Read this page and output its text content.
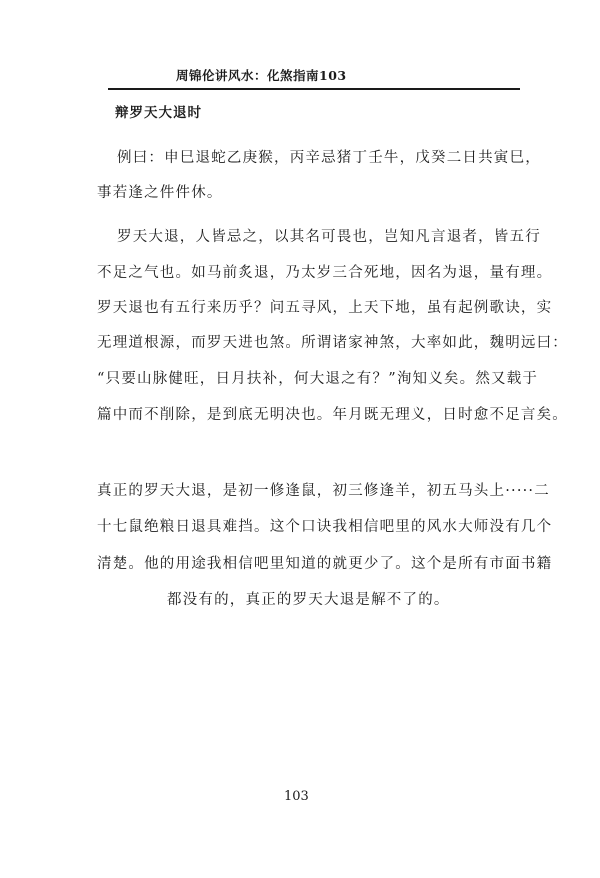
周锦伦讲风水：化煞指南103
辩罗天大退时
例曰：申巳退蛇乙庚猴，丙辛忌猪丁壬牛，戊癸二日共寅巳，
事若逢之件件休。
罗天大退，人皆忌之，以其名可畏也，岂知凡言退者，皆五行
不足之气也。如马前炙退，乃太岁三合死地，因名为退，量有理。
罗天退也有五行来历乎？问五寻风，上天下地，虽有起例歌诀，实
无理道根源，而罗天进也煞。所谓诸家神煞，大率如此，魏明远曰：
“只要山脉健旺，日月扶补，何大退之有？”洵知义矣。然又载于
篇中而不削除，是到底无明决也。年月既无理义，日时愈不足言矣。
真正的罗天大退，是初一修逢鼠，初三修逢羊，初五马头上·····二
十七鼠绝粮日退具难挡。这个口诀我相信吧里的风水大师没有几个
清楚。他的用途我相信吧里知道的就更少了。这个是所有市面书籍
都没有的，真正的罗天大退是解不了的。
103
